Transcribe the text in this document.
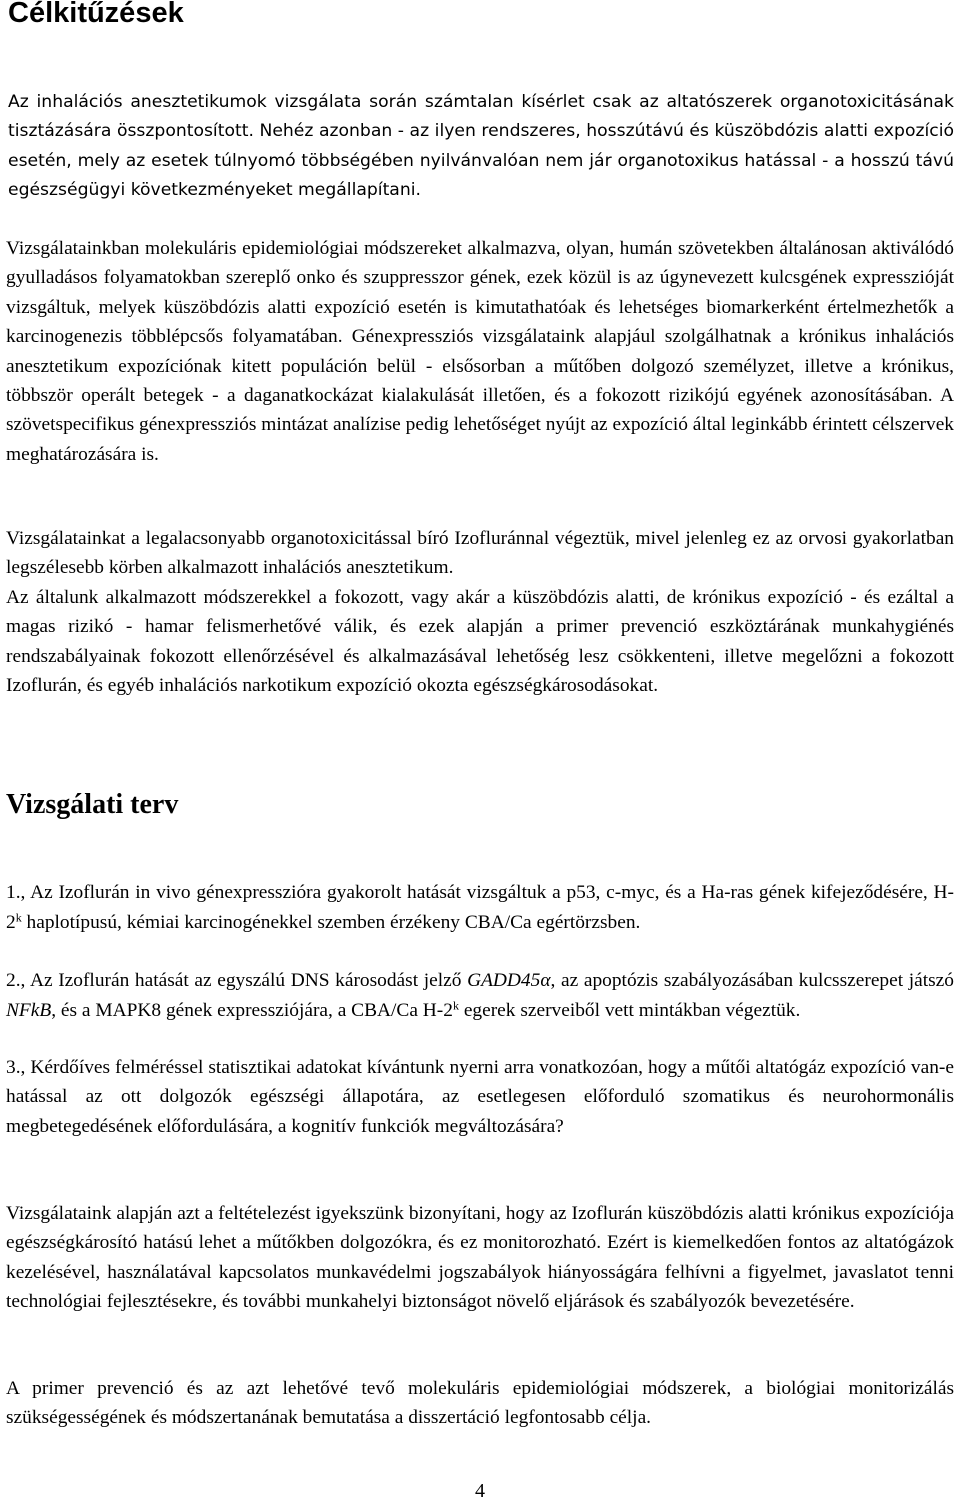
Célkitűzések

Az inhalációs anesztetikumok vizsgálata során számtalan kísérlet csak az altatószerek organotoxicitásának tisztázására összpontosított. Nehéz azonban - az ilyen rendszeres, hosszútávú és küszöbdózis alatti expozíció esetén, mely az esetek túlnyomó többségében nyilvánvalóan nem jár organotoxikus hatással - a hosszú távú egészségügyi következményeket megállapítani.

Vizsgálatainkban molekuláris epidemiológiai módszereket alkalmazva, olyan, humán szövetekben általánosan aktiválódó gyulladásos folyamatokban szereplő onko és szuppresszor gének, ezek közül is az úgynevezett kulcsgének expresszióját vizsgáltuk, melyek küszöbdózis alatti expozíció esetén is kimutathatóak és lehetséges biomarkerként értelmezhetők a karcinogenezis többlépcsős folyamatában. Génexpressziós vizsgálataink alapjául szolgálhatnak a krónikus inhalációs anesztetikum expozíciónak kitett populáción belül - elsősorban a műtőben dolgozó személyzet, illetve a krónikus, többször operált betegek - a daganatkockázat kialakulását illetően, és a fokozott rizikójú egyének azonosításában. A szövetspecifikus génexpressziós mintázat analízise pedig lehetőséget nyújt az expozíció által leginkább érintett célszervek meghatározására is.

Vizsgálatainkat a legalacsonyabb organotoxicitással bíró Izofluránnal végeztük, mivel jelenleg ez az orvosi gyakorlatban legszélesebb körben alkalmazott inhalációs anesztetikum.

Az általunk alkalmazott módszerekkel a fokozott, vagy akár a küszöbdózis alatti, de krónikus expozíció - és ezáltal a magas rizikó - hamar felismerhetővé válik, és ezek alapján a primer prevenció eszköztárának munkahygiénés rendszabályainak fokozott ellenőrzésével és alkalmazásával lehetőség lesz csökkenteni, illetve megelőzni a fokozott Izoflurán, és egyéb inhalációs narkotikum expozíció okozta egészségkárosodásokat.

Vizsgálati terv

1., Az Izoflurán in vivo génexpresszióra gyakorolt hatását vizsgáltuk a p53, c-myc, és a Ha-ras gének kifejeződésére, H-2$^k$ haplotípusú, kémiai karcinogénekkel szemben érzékeny CBA/Ca egértörzsben.

2., Az Izoflurán hatását az egyszálú DNS károsodást jelző GADD45α, az apoptózis szabályozásában kulcsszerepet játszó NFkB, és a MAPK8 gének expressziójára, a CBA/Ca H-2$^k$ egerek szerveiből vett mintákban végeztük.

3., Kérdőíves felméréssel statisztikai adatokat kívántunk nyerni arra vonatkozóan, hogy a műtői altatógáz expozíció van-e hatással az ott dolgozók egészségi állapotára, az esetlegesen előforduló szomatikus és neurohormonális megbetegedésének előfordulására, a kognitív funkciók megváltozására?

Vizsgálataink alapján azt a feltételezést igyekszünk bizonyítani, hogy az Izoflurán küszöbdózis alatti krónikus expozíciója egészségkárosító hatású lehet a műtőkben dolgozókra, és ez monitorozható. Ezért is kiemelkedően fontos az altatógázok kezelésével, használatával kapcsolatos munkavédelmi jogszabályok hiányosságára felhívni a figyelmet, javaslatot tenni technológiai fejlesztésekre, és további munkahelyi biztonságot növelő eljárások és szabályozók bevezetésére.

A primer prevenció és az azt lehetővé tevő molekuláris epidemiológiai módszerek, a biológiai monitorizálás szükségességének és módszertanának bemutatása a disszertáció legfontosabb célja.

4
